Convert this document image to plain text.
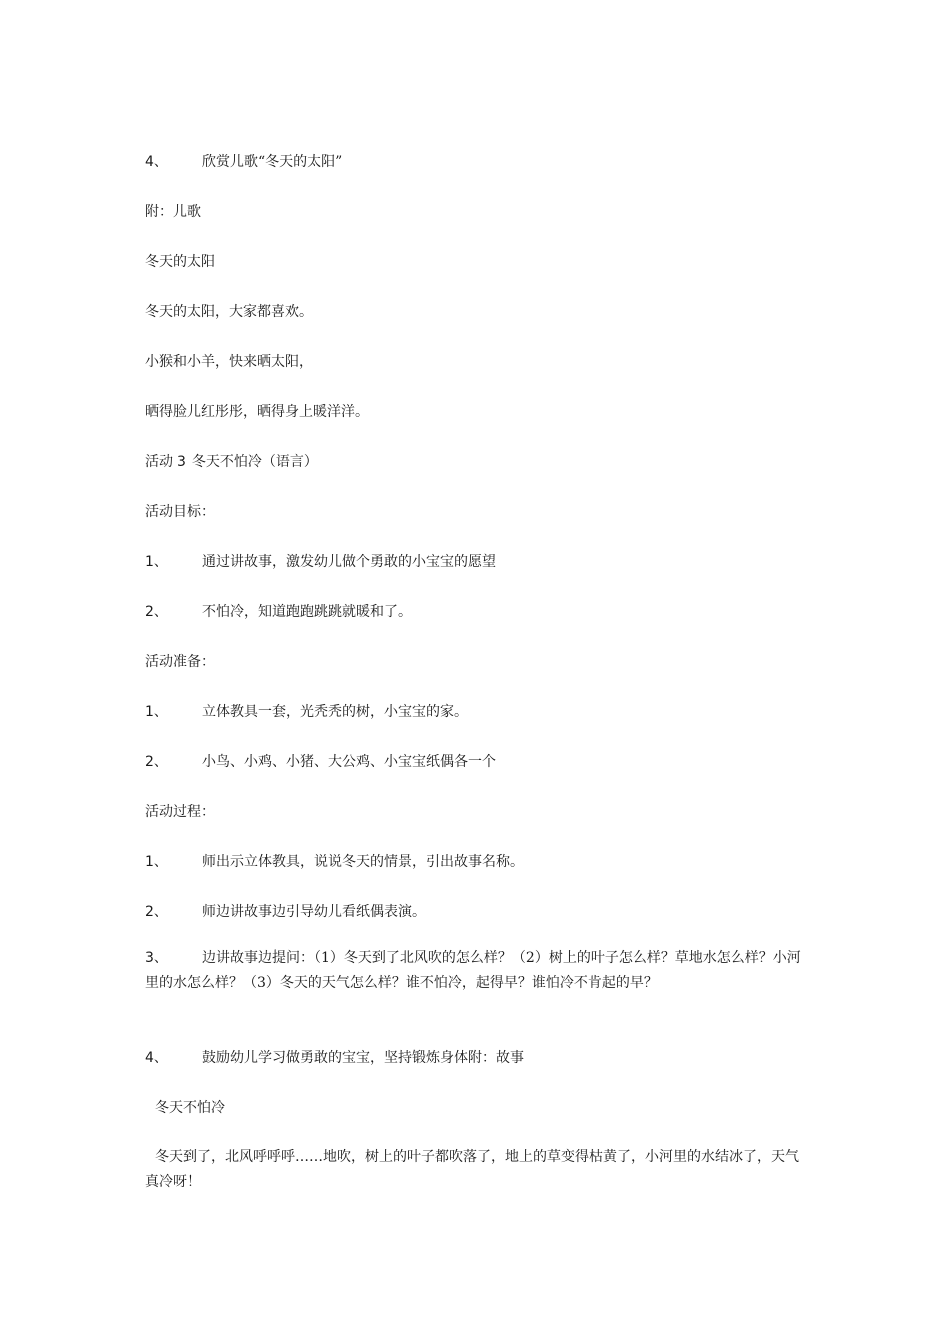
4、 欣赏儿歌“冬天的太阳”
附：儿歌
冬天的太阳
冬天的太阳，大家都喜欢。
小猴和小羊，快来晒太阳，
晒得脸儿红彤彤，晒得身上暖洋洋。
活动 3 冬天不怕冷（语言）
活动目标：
1、 通过讲故事，激发幼儿做个勇敢的小宝宝的愿望
2、 不怕冷，知道跑跑跳跳就暖和了。
活动准备：
1、 立体教具一套，光秃秃的树，小宝宝的家。
2、 小鸟、小鸡、小猪、大公鸡、小宝宝纸偶各一个
活动过程：
1、 师出示立体教具，说说冬天的情景，引出故事名称。
2、 师边讲故事边引导幼儿看纸偶表演。
3、 边讲故事边提问：（1）冬天到了北风吹的怎么样？（2）树上的叶子怎么样？草地水怎么样？小河里的水怎么样？（3）冬天的天气怎么样？谁不怕冷，起得早？谁怕冷不肯起的早？
4、 鼓励幼儿学习做勇敢的宝宝，坚持锻炼身体附：故事
冬天不怕冷
冬天到了，北风呼呼呼……地吹，树上的叶子都吹落了，地上的草变得枯黄了，小河里的水结冰了，天气真冷呀！
